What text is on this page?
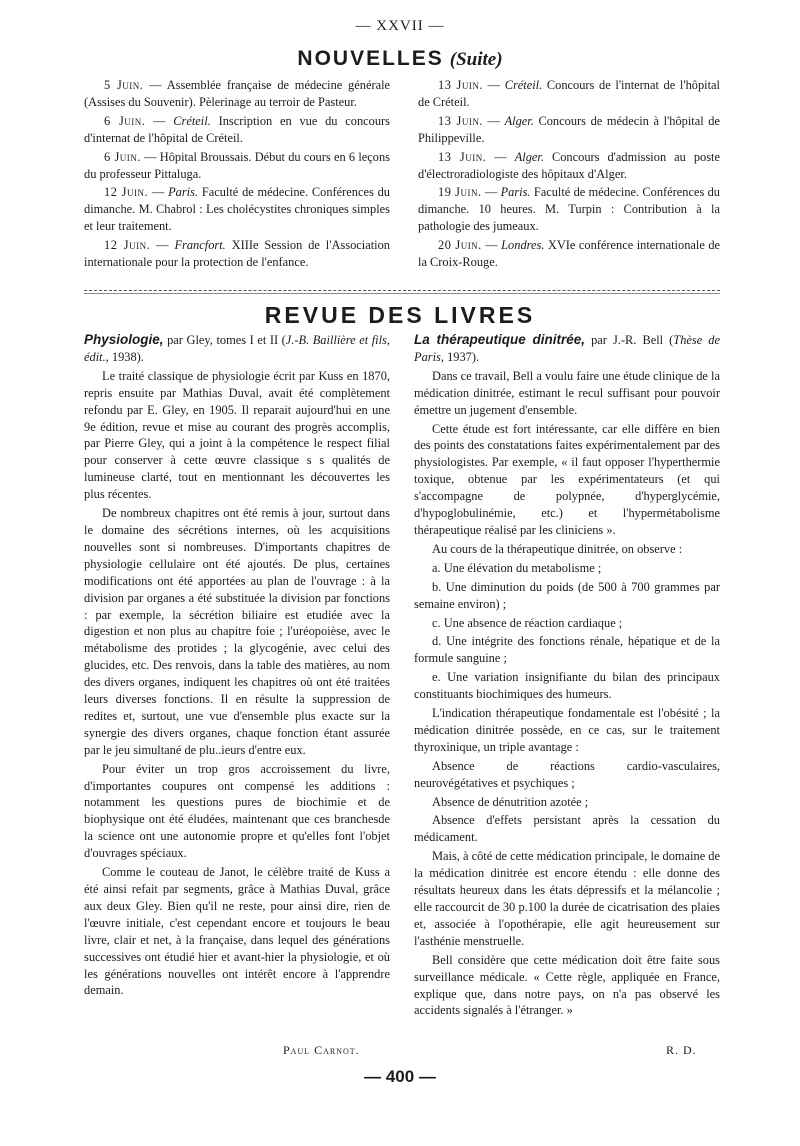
— XXVII —
NOUVELLES (Suite)

5 Juin. — Assemblée française de médecine générale (Assises du Souvenir). Pèlerinage au terroir de Pasteur.

6 Juin. — Créteil. Inscription en vue du concours d'internat de l'hôpital de Créteil.

6 Juin. — Hôpital Broussais. Début du cours en 6 leçons du professeur Pittaluga.

12 Juin. — Paris. Faculté de médecine. Conférences du dimanche. M. Chabrol : Les cholécystites chroniques simples et leur traitement.

12 Juin. — Francfort. XIIIe Session de l'Association internationale pour la protection de l'enfance.

13 Juin. — Créteil. Concours de l'internat de l'hôpital de Créteil.

13 Juin. — Alger. Concours de médecin à l'hôpital de Philippeville.

13 Juin. — Alger. Concours d'admission au poste d'électroradiologiste des hôpitaux d'Alger.

19 Juin. — Paris. Faculté de médecine. Conférences du dimanche. 10 heures. M. Turpin : Contribution à la pathologie des jumeaux.

20 Juin. — Londres. XVIe conférence internationale de la Croix-Rouge.

REVUE DES LIVRES

Physiologie, par Gley, tomes I et II (J.-B. Baillière et fils, édit., 1938).

Le traité classique de physiologie écrit par Kuss en 1870, repris ensuite par Mathias Duval, avait été complètement refondu par E. Gley, en 1905. Il reparait aujourd'hui en une 9e édition, revue et mise au courant des progrès accomplis, par Pierre Gley, qui a joint à la compétence le respect filial pour conserver à cette œuvre classique s s qualités de lumineuse clarté, tout en mentionnant les découvertes les plus récentes.

De nombreux chapitres ont été remis à jour, surtout dans le domaine des sécrétions internes, où les acquisitions nouvelles sont si nombreuses. D'importants chapitres de physiologie cellulaire ont été ajoutés. De plus, certaines modifications ont été apportées au plan de l'ouvrage : à la division par organes a été substituée la division par fonctions : par exemple, la sécrétion biliaire est etudiée avec la digestion et non plus au chapitre foie ; l'uréopoièse, avec le métabolisme des protides ; la glycogénie, avec celui des glucides, etc. Des renvois, dans la table des matières, au nom des divers organes, indiquent les chapitres où ont été traitées leurs diverses fonctions. Il en résulte la suppression de redites et, surtout, une vue d'ensemble plus exacte sur la synergie des divers organes, chaque fonction étant assurée par le jeu simultané de plu..ieurs d'entre eux.

Pour éviter un trop gros accroissement du livre, d'importantes coupures ont compensé les additions : notamment les questions pures de biochimie et de biophysique ont été éludées, maintenant que ces branchesde la science ont une autonomie propre et qu'elles font l'objet d'ouvrages spéciaux.

Comme le couteau de Janot, le célèbre traité de Kuss a été ainsi refait par segments, grâce à Mathias Duval, grâce aux deux Gley. Bien qu'il ne reste, pour ainsi dire, rien de l'œuvre initiale, c'est cependant encore et toujours le beau livre, clair et net, à la française, dans lequel des générations successives ont étudié hier et avant-hier la physiologie, et où les générations nouvelles ont intérêt encore à l'apprendre demain.

La thérapeutique dinitrée, par J.-R. Bell (Thèse de Paris, 1937).

Dans ce travail, Bell a voulu faire une étude clinique de la médication dinitrée, estimant le recul suffisant pour pouvoir émettre un jugement d'ensemble.

Cette étude est fort intéressante, car elle diffère en bien des points des constatations faites expérimentalement par des physiologistes. Par exemple, « il faut opposer l'hyperthermie toxique, obtenue par les expérimentateurs (et qui s'accompagne de polypnée, d'hyperglycémie, d'hypoglobulinémie, etc.) et l'hypermétabolisme thérapeutique réalisé par les cliniciens ».

Au cours de la thérapeutique dinitrée, on observe :

a. Une élévation du metabolisme ;

b. Une diminution du poids (de 500 à 700 grammes par semaine environ) ;

c. Une absence de réaction cardiaque ;

d. Une intégrite des fonctions rénale, hépatique et de la formule sanguine ;

e. Une variation insignifiante du bilan des principaux constituants biochimiques des humeurs.

L'indication thérapeutique fondamentale est l'obésité ; la médication dinitrée possède, en ce cas, sur le traitement thyroxinique, un triple avantage :

Absence de réactions cardio-vasculaires, neurovégétatives et psychiques ;

Absence de dénutrition azotée ;

Absence d'effets persistant après la cessation du médicament.

Mais, à côté de cette médication principale, le domaine de la médication dinitrée est encore étendu : elle donne des résultats heureux dans les états dépressifs et la mélancolie ; elle raccourcit de 30 p.100 la durée de cicatrisation des plaies et, associée à l'opothérapie, elle agit heureusement sur l'asthénie menstruelle.

Bell considère que cette médication doit être faite sous surveillance médicale. « Cette règle, appliquée en France, explique que, dans notre pays, on n'a pas observé les accidents signalés à l'étranger. »

Paul Carnot.	R. D.
— 400 —
